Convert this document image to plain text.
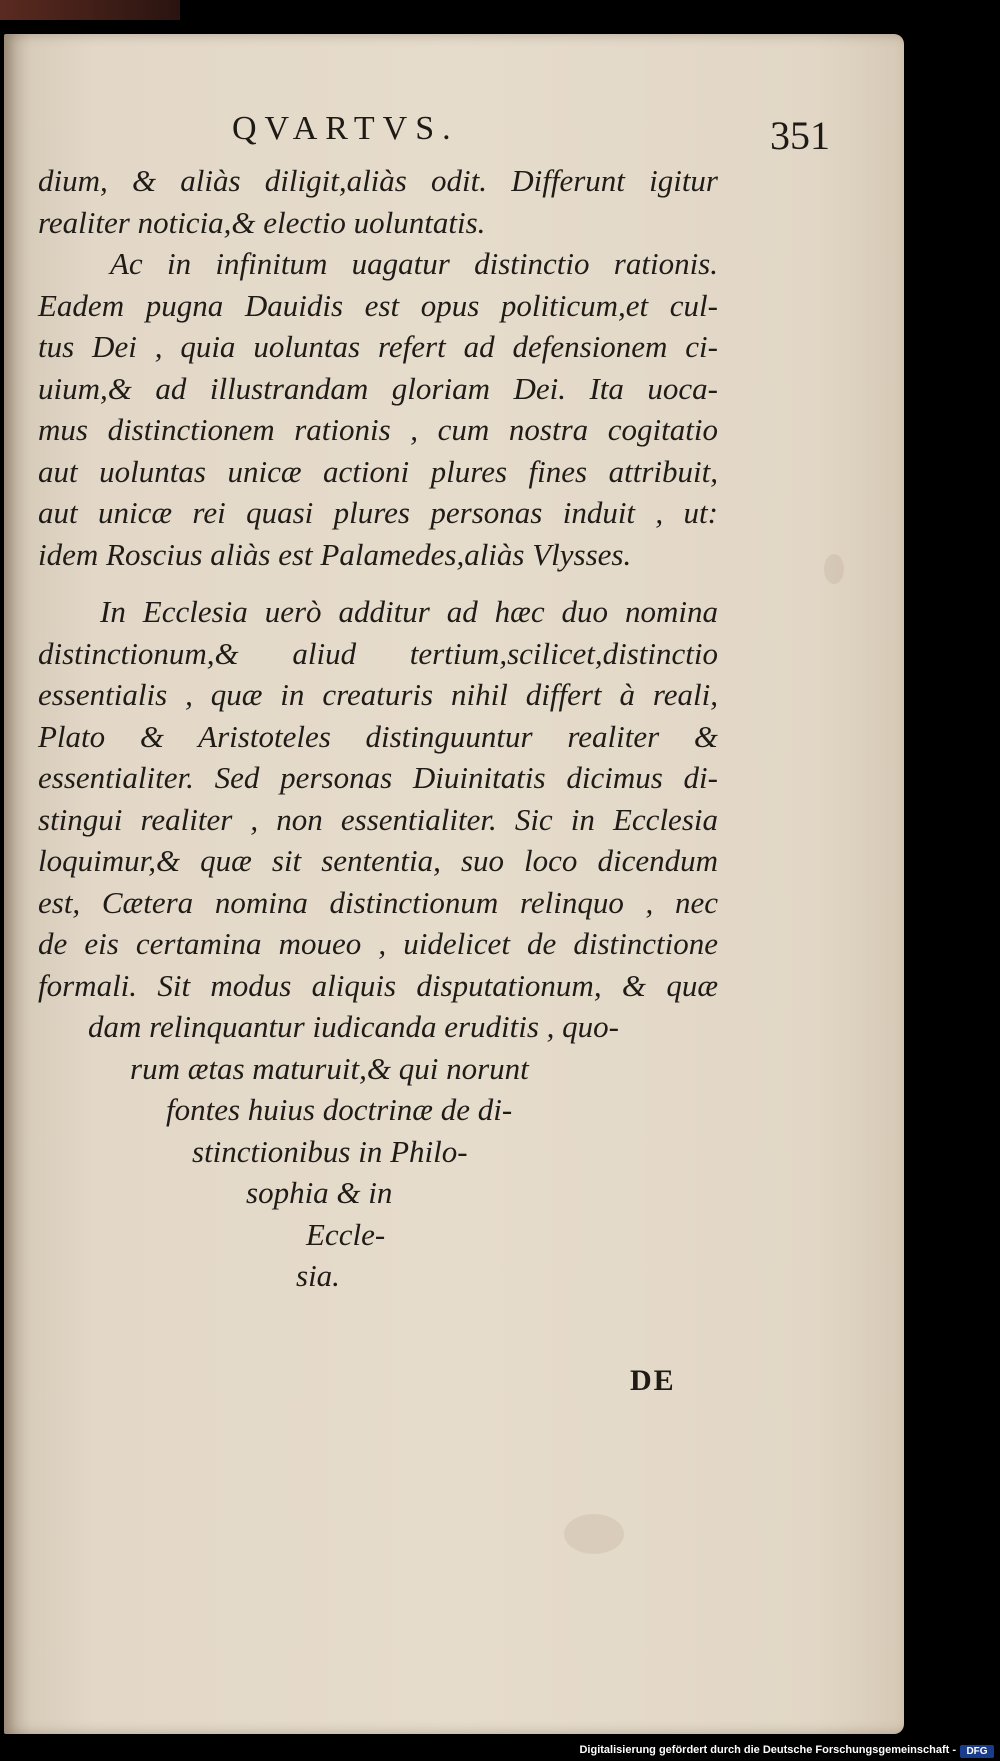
QVARTVS.	351
dium, & aliàs diligit,aliàs odit. Differunt igitur
realiter noticia,& electio uoluntatis.
Ac in infinitum uagatur distinctio rationis.
Eadem pugna Dauidis est opus politicum,et cul-
tus Dei , quia uoluntas refert ad defensionem ci-
uium,& ad illustrandam gloriam Dei. Ita uoca-
mus distinctionem rationis , cum nostra cogitatio
aut uoluntas unicæ actioni plures fines attribuit,
aut unicæ rei quasi plures personas induit , ut:
idem Roscius aliàs est Palamedes,aliàs Vlysses.
In Ecclesia uerò additur ad hæc duo nomina
distinctionum,& aliud tertium,scilicet,distinctio
essentialis , quæ in creaturis nihil differt à reali,
Plato & Aristoteles distinguuntur realiter &
essentialiter. Sed personas Diuinitatis dicimus di-
stingui realiter , non essentialiter. Sic in Ecclesia
loquimur,& quæ sit sententia, suo loco dicendum
est, Cætera nomina distinctionum relinquo , nec
de eis certamina moueo , uidelicet de distinctione
formali. Sit modus aliquis disputationum, & quæ
dam relinquantur iudicanda eruditis , quo-
rum ætas maturuit,& qui norunt
fontes huius doctrinæ de di-
stinctionibus in Philo-
sophia & in
Eccle-
sia.
DE
Digitalisierung gefördert durch die Deutsche Forschungsgemeinschaft -	DFG
